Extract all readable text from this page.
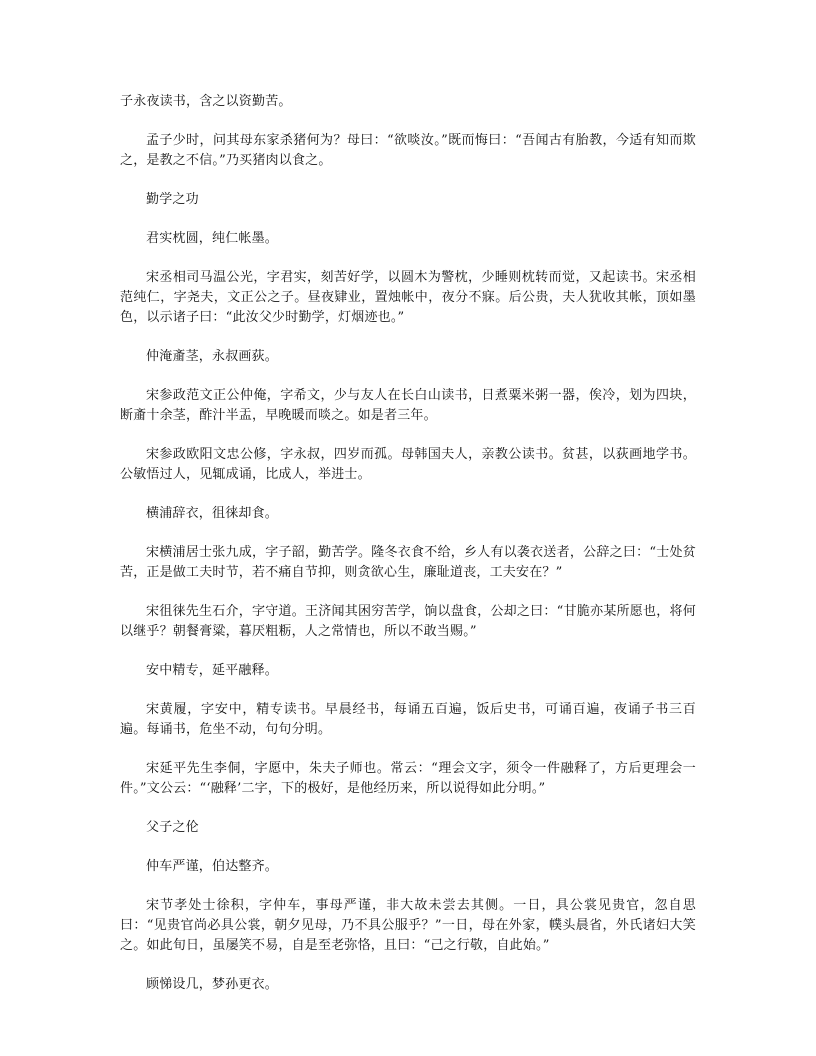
子永夜读书，含之以资勤苦。

孟子少时，问其母东家杀猪何为？母曰：“欲啖汝。”既而悔曰：“吾闻古有胎教，今适有知而欺之，是教之不信。”乃买猪肉以食之。

勤学之功

君实枕圆，纯仁帐墨。

宋丞相司马温公光，字君实，刻苦好学，以圆木为警枕，少睡则枕转而觉，又起读书。宋丞相范纯仁，字尧夫，文正公之子。昼夜肄业，置烛帐中，夜分不寐。后公贵，夫人犹收其帐，顶如墨色，以示诸子曰：“此汝父少时勤学，灯烟迹也。”

仲淹齑茎，永叔画荻。

宋参政范文正公仲俺，字希文，少与友人在长白山读书，日煮粟米粥一器，俟冷，划为四块，断齑十余茎，酢汁半盂，早晚暖而啖之。如是者三年。

宋参政欧阳文忠公修，字永叔，四岁而孤。母韩国夫人，亲教公读书。贫甚，以荻画地学书。公敏悟过人，见辄成诵，比成人，举进士。

横浦辞衣，徂徕却食。

宋横浦居士张九成，字子韶，勤苦学。隆冬衣食不给，乡人有以袭衣送者，公辞之曰：“士处贫苦，正是做工夫时节，若不痛自节抑，则贪欲心生，廉耻道丧，工夫安在？”

宋徂徕先生石介，字守道。王济闻其困穷苦学，饷以盘食，公却之曰：“甘脆亦某所愿也，将何以继乎？朝餐膏粱，暮厌粗粝，人之常情也，所以不敢当赐。”

安中精专，延平融释。

宋黄履，字安中，精专读书。早晨经书，每诵五百遍，饭后史书，可诵百遍，夜诵子书三百遍。每诵书，危坐不动，句句分明。

宋延平先生李侗，字愿中，朱夫子师也。常云：“理会文字，须令一件融释了，方后更理会一件。”文公云：“‘融释’二字，下的极好，是他经历来，所以说得如此分明。”

父子之伦

仲车严谨，伯达整齐。

宋节孝处士徐积，字仲车，事母严谨，非大故未尝去其侧。一日，具公裳见贵官，忽自思曰：“见贵官尚必具公裳，朝夕见母，乃不具公服乎？”一日，母在外家，幞头晨省，外氏诸妇大笑之。如此旬日，虽屡笑不易，自是至老弥恪，且曰：“己之行敬，自此始。”

顾悌设几，梦孙更衣。
